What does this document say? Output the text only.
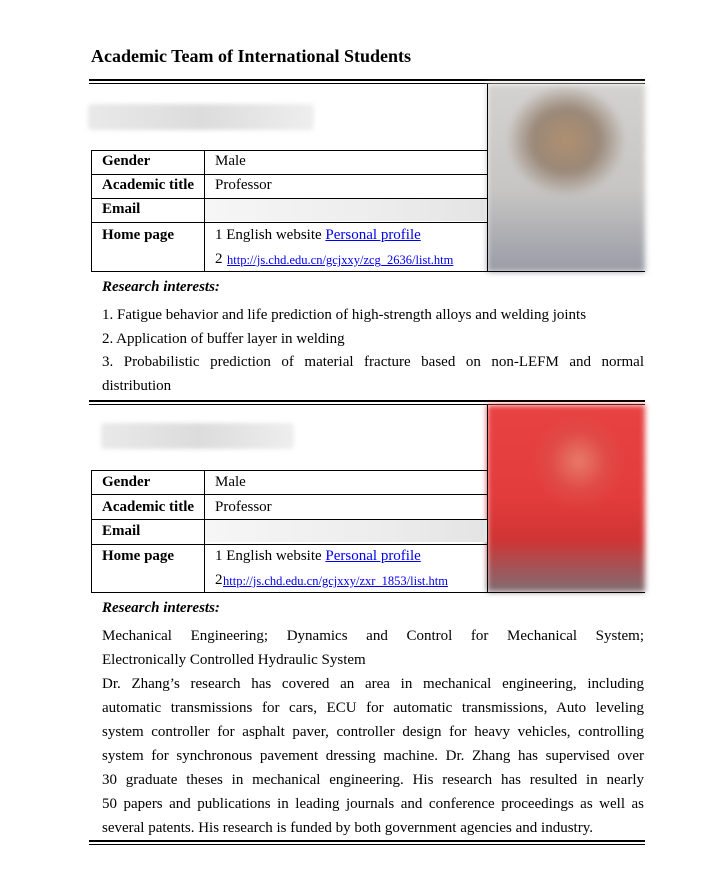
Academic Team of International Students
Gender	Male
Academic title Professor
Email
Home page	1 English website Personal profile
2 http://js.chd.edu.cn/gcjxxy/zcg_2636/list.htm
Research interests:
1. Fatigue behavior and life prediction of high-strength alloys and welding joints
2. Application of buffer layer in welding
3. Probabilistic prediction of material fracture based on non-LEFM and normal
distribution
Gender	Male
Academic title Professor
Email
Home page	1 English website Personal profile
2 http://js.chd.edu.cn/gcjxxy/zxr_1853/list.htm
Research interests:
Mechanical Engineering; Dynamics and Control for Mechanical System;
Electronically Controlled Hydraulic System
Dr. Zhang’s research has covered an area in mechanical engineering, including
automatic transmissions for cars, ECU for automatic transmissions, Auto leveling
system controller for asphalt paver, controller design for heavy vehicles, controlling
system for synchronous pavement dressing machine. Dr. Zhang has supervised over
30 graduate theses in mechanical engineering. His research has resulted in nearly
50 papers and publications in leading journals and conference proceedings as well as
several patents. His research is funded by both government agencies and industry.
